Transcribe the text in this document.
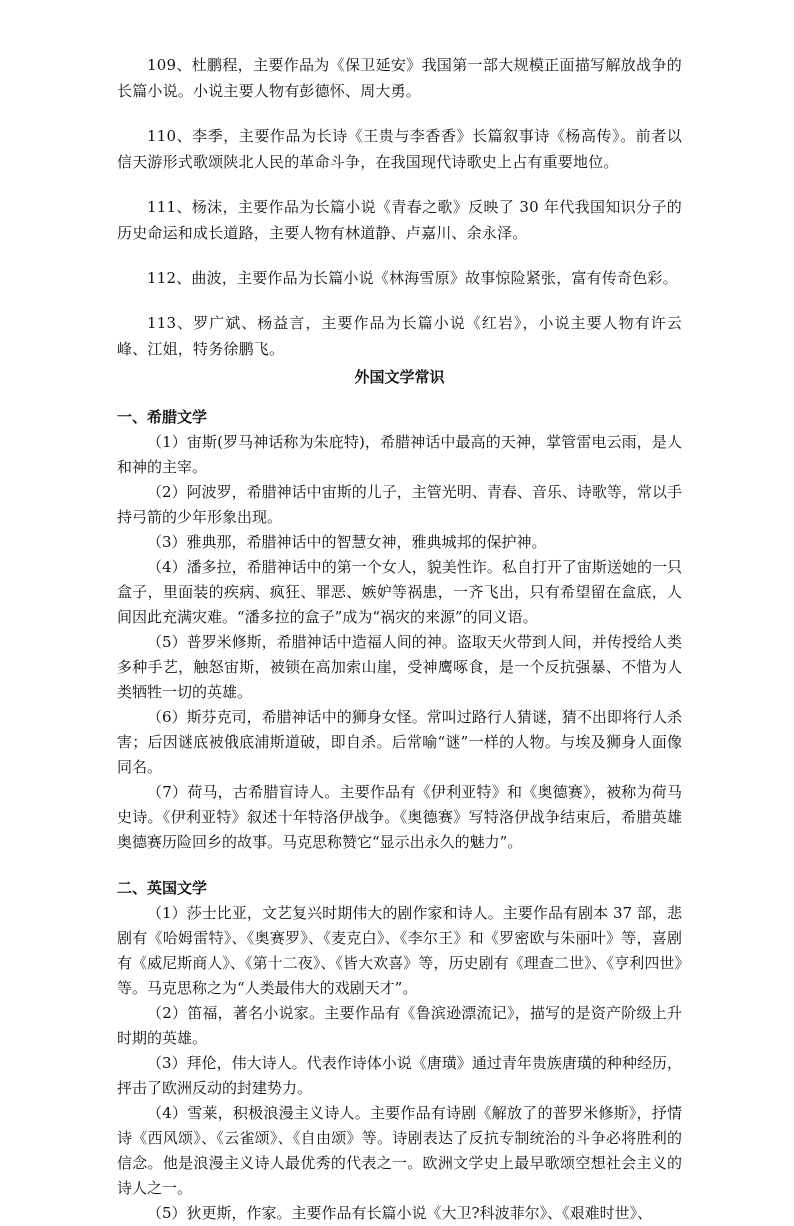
109、杜鹏程，主要作品为《保卫延安》我国第一部大规模正面描写解放战争的长篇小说。小说主要人物有彭德怀、周大勇。

110、李季，主要作品为长诗《王贵与李香香》长篇叙事诗《杨高传》。前者以信天游形式歌颂陕北人民的革命斗争，在我国现代诗歌史上占有重要地位。

111、杨沫，主要作品为长篇小说《青春之歌》反映了 30 年代我国知识分子的历史命运和成长道路，主要人物有林道静、卢嘉川、余永泽。

112、曲波，主要作品为长篇小说《林海雪原》故事惊险紧张，富有传奇色彩。

113、罗广斌、杨益言，主要作品为长篇小说《红岩》，小说主要人物有许云峰、江姐，特务徐鹏飞。

外国文学常识

一、希腊文学

（1）宙斯(罗马神话称为朱庇特)，希腊神话中最高的天神，掌管雷电云雨，是人和神的主宰。

（2）阿波罗，希腊神话中宙斯的儿子，主管光明、青春、音乐、诗歌等，常以手持弓箭的少年形象出现。

（3）雅典那，希腊神话中的智慧女神，雅典城邦的保护神。

（4）潘多拉，希腊神话中的第一个女人，貌美性诈。私自打开了宙斯送她的一只盒子，里面装的疾病、疯狂、罪恶、嫉妒等祸患，一齐飞出，只有希望留在盒底，人间因此充满灾难。“潘多拉的盒子”成为“祸灾的来源”的同义语。

（5）普罗米修斯，希腊神话中造福人间的神。盗取天火带到人间，并传授给人类多种手艺，触怒宙斯，被锁在高加索山崖，受神鹰啄食，是一个反抗强暴、不惜为人类牺牲一切的英雄。

（6）斯芬克司，希腊神话中的狮身女怪。常叫过路行人猜谜，猜不出即将行人杀害；后因谜底被俄底浦斯道破，即自杀。后常喻“谜”一样的人物。与埃及狮身人面像同名。

（7）荷马，古希腊盲诗人。主要作品有《伊利亚特》和《奥德赛》，被称为荷马史诗。《伊利亚特》叙述十年特洛伊战争。《奥德赛》写特洛伊战争结束后，希腊英雄奥德赛历险回乡的故事。马克思称赞它“显示出永久的魅力”。

二、英国文学

（1）莎士比亚，文艺复兴时期伟大的剧作家和诗人。主要作品有剧本 37 部，悲剧有《哈姆雷特》、《奥赛罗》、《麦克白》、《李尔王》和《罗密欧与朱丽叶》等，喜剧有《威尼斯商人》、《第十二夜》、《皆大欢喜》等，历史剧有《理查二世》、《亨利四世》等。马克思称之为“人类最伟大的戏剧天才”。

（2）笛福，著名小说家。主要作品有《鲁滨逊漂流记》，描写的是资产阶级上升时期的英雄。

（3）拜伦，伟大诗人。代表作诗体小说《唐璜》通过青年贵族唐璜的种种经历，抨击了欧洲反动的封建势力。

（4）雪莱，积极浪漫主义诗人。主要作品有诗剧《解放了的普罗米修斯》，抒情诗《西风颂》、《云雀颂》、《自由颂》等。诗剧表达了反抗专制统治的斗争必将胜利的信念。他是浪漫主义诗人最优秀的代表之一。欧洲文学史上最早歌颂空想社会主义的诗人之一。

（5）狄更斯，作家。主要作品有长篇小说《大卫?科波菲尔》、《艰难时世》、
